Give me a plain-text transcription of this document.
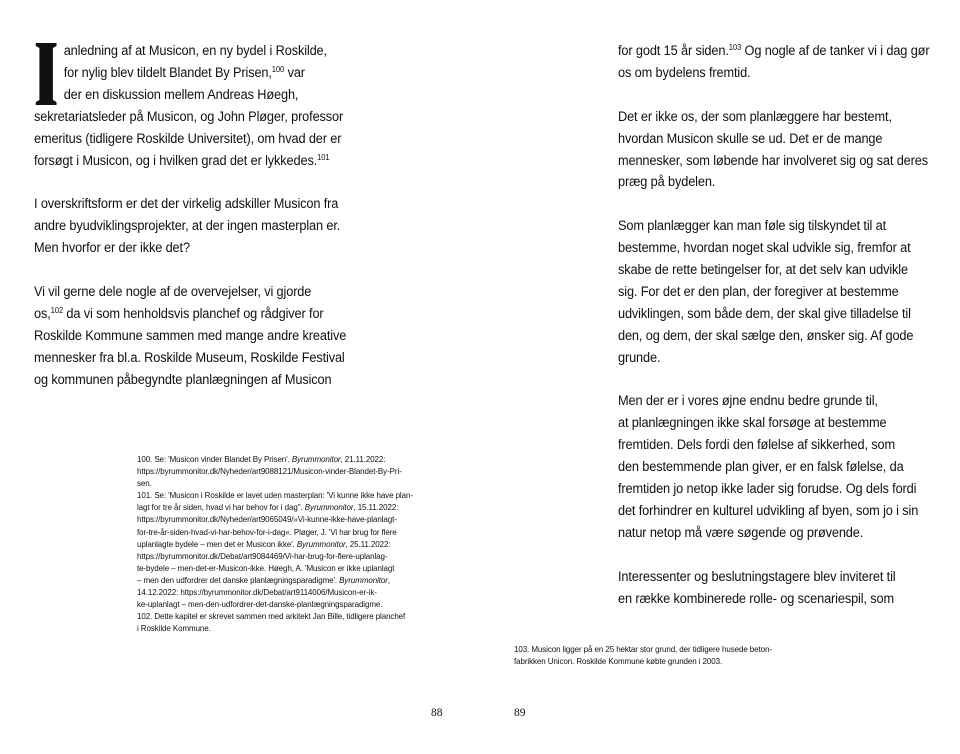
anledning af at Musicon, en ny bydel i Roskilde,
for nylig blev tildelt Blandet By Prisen,$^{100}$ var
der en diskussion mellem Andreas Høegh,
sekretariatsleder på Musicon, og John Pløger, professor
emeritus (tidligere Roskilde Universitet), om hvad der er
forsøgt i Musicon, og i hvilken grad det er lykkedes.$^{101}$

I overskriftsform er det der virkelig adskiller Musicon fra
andre byudviklingsprojekter, at der ingen masterplan er.
Men hvorfor er der ikke det?

Vi vil gerne dele nogle af de overvejelser, vi gjorde
os,$^{102}$ da vi som henholdsvis planchef og rådgiver for
Roskilde Kommune sammen med mange andre kreative
mennesker fra bl.a. Roskilde Museum, Roskilde Festival
og kommunen påbegyndte planlægningen af Musicon

100. Se: 'Musicon vinder Blandet By Prisen'. Byrummonitor, 21.11.2022:
https://byrummonitor.dk/Nyheder/art9088121/Musicon-vinder-Blandet-By-Pri-
sen.
101. Se: 'Musicon i Roskilde er lavet uden masterplan: 'Vi kunne ikke have plan-
lagt for tre år siden, hvad vi har behov for i dag''. Byrummonitor, 15.11.2022:
https://byrummonitor.dk/Nyheder/art9065049/»Vi-kunne-ikke-have-planlagt-
for-tre-år-siden-hvad-vi-har-behov-for-i-dag«. Pløger, J. 'Vi har brug for flere
uplanlagte bydele – men det er Musicon ikke'. Byrummonitor, 25.11.2022:
https://byrummonitor.dk/Debat/art9084469/Vi-har-brug-for-flere-uplanlag-
te-bydele – men-det-er-Musicon-ikke. Høegh, A. 'Musicon er ikke uplanlagt
– men den udfordrer det danske planlægningsparadigme'. Byrummonitor,
14.12.2022: https://byrummonitor.dk/Debat/art9114006/Musicon-er-ik-
ke-uplanlagt – men-den-udfordrer-det-danske-planlægningsparadigme.
102. Dette kapitel er skrevet sammen med arkitekt Jan Bille, tidligere planchef
i Roskilde Kommune.
88

for godt 15 år siden.$^{103}$ Og nogle af de tanker vi i dag gør
os om bydelens fremtid.

Det er ikke os, der som planlæggere har bestemt,
hvordan Musicon skulle se ud. Det er de mange
mennesker, som løbende har involveret sig og sat deres
præg på bydelen.

Som planlægger kan man føle sig tilskyndet til at
bestemme, hvordan noget skal udvikle sig, fremfor at
skabe de rette betingelser for, at det selv kan udvikle
sig. For det er den plan, der foregiver at bestemme
udviklingen, som både dem, der skal give tilladelse til
den, og dem, der skal sælge den, ønsker sig. Af gode
grunde.

Men der er i vores øjne endnu bedre grunde til,
at planlægningen ikke skal forsøge at bestemme
fremtiden. Dels fordi den følelse af sikkerhed, som
den bestemmende plan giver, er en falsk følelse, da
fremtiden jo netop ikke lader sig forudse. Og dels fordi
det forhindrer en kulturel udvikling af byen, som jo i sin
natur netop må være søgende og prøvende.

Interessenter og beslutningstagere blev inviteret til
en række kombinerede rolle- og scenariespil, som

103. Musicon ligger på en 25 hektar stor grund, der tidligere husede beton-
fabrikken Unicon. Roskilde Kommune købte grunden i 2003.
89
